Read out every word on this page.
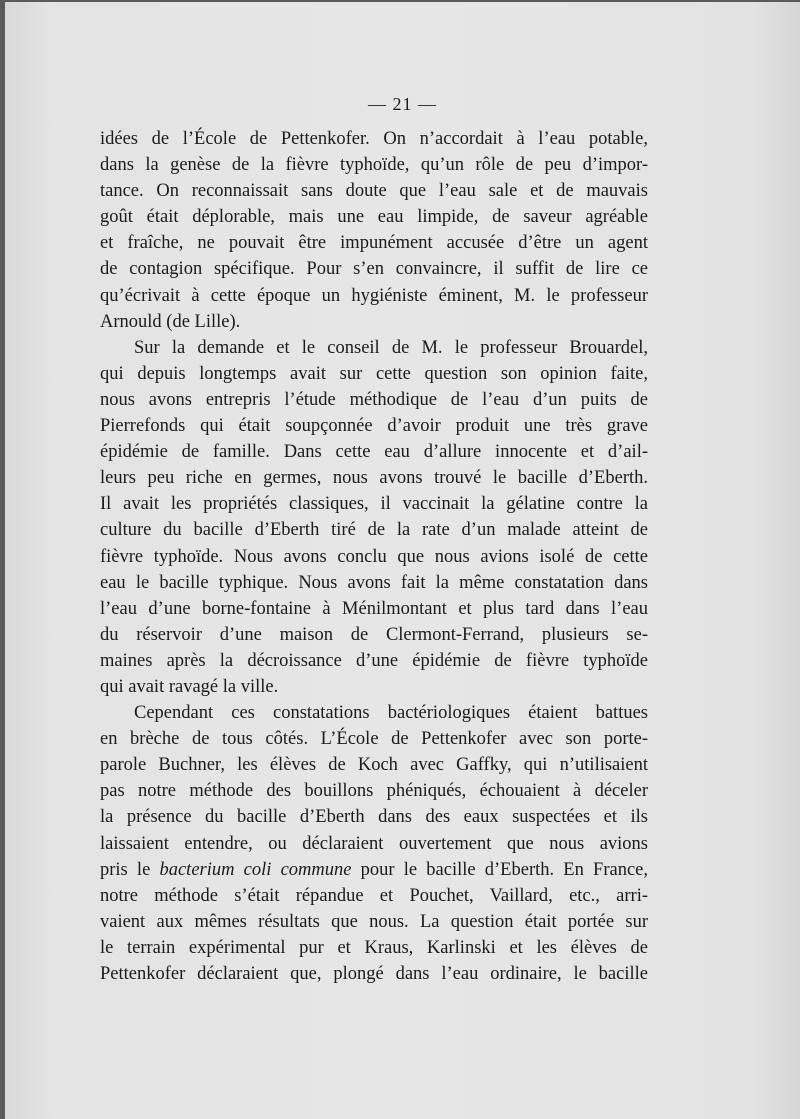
— 21 —
idées de l’École de Pettenkofer. On n’accordait à l’eau potable,
dans la genèse de la fièvre typhoïde, qu’un rôle de peu d’impor-
tance. On reconnaissait sans doute que l’eau sale et de mauvais
goût était déplorable, mais une eau limpide, de saveur agréable
et fraîche, ne pouvait être impunément accusée d’être un agent
de contagion spécifique. Pour s’en convaincre, il suffit de lire ce
qu’écrivait à cette époque un hygiéniste éminent, M. le professeur
Arnould (de Lille).
Sur la demande et le conseil de M. le professeur Brouardel,
qui depuis longtemps avait sur cette question son opinion faite,
nous avons entrepris l’étude méthodique de l’eau d’un puits de
Pierrefonds qui était soupçonnée d’avoir produit une très grave
épidémie de famille. Dans cette eau d’allure innocente et d’ail-
leurs peu riche en germes, nous avons trouvé le bacille d’Eberth.
Il avait les propriétés classiques, il vaccinait la gélatine contre la
culture du bacille d’Eberth tiré de la rate d’un malade atteint de
fièvre typhoïde. Nous avons conclu que nous avions isolé de cette
eau le bacille typhique. Nous avons fait la même constatation dans
l’eau d’une borne-fontaine à Ménilmontant et plus tard dans l’eau
du réservoir d’une maison de Clermont-Ferrand, plusieurs se-
maines après la décroissance d’une épidémie de fièvre typhoïde
qui avait ravagé la ville.
Cependant ces constatations bactériologiques étaient battues
en brèche de tous côtés. L’École de Pettenkofer avec son porte-
parole Buchner, les élèves de Koch avec Gaffky, qui n’utilisaient
pas notre méthode des bouillons phéniqués, échouaient à déceler
la présence du bacille d’Eberth dans des eaux suspectées et ils
laissaient entendre, ou déclaraient ouvertement que nous avions
pris le bacterium coli commune pour le bacille d’Eberth. En France,
notre méthode s’était répandue et Pouchet, Vaillard, etc., arri-
vaient aux mêmes résultats que nous. La question était portée sur
le terrain expérimental pur et Kraus, Karlinski et les élèves de
Pettenkofer déclaraient que, plongé dans l’eau ordinaire, le bacille
